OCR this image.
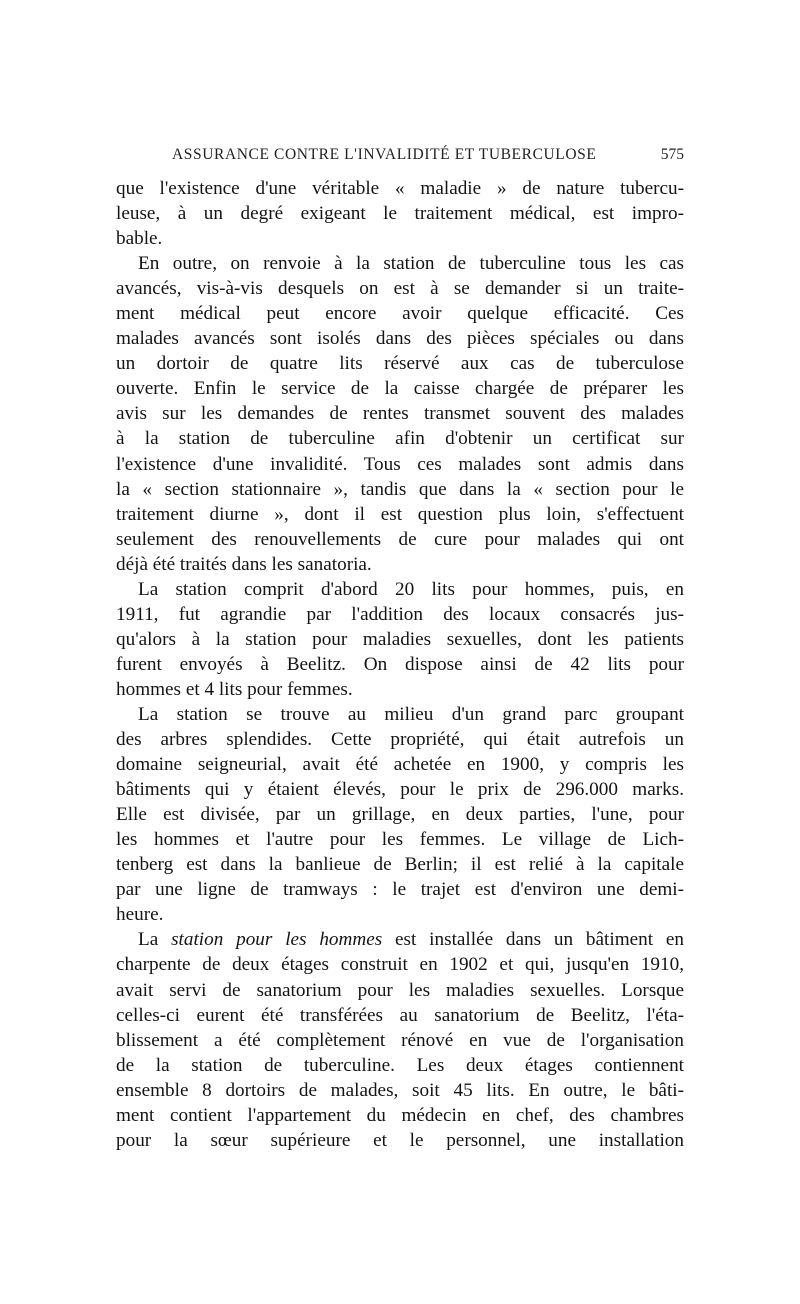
ASSURANCE CONTRE L'INVALIDITÉ ET TUBERCULOSE	575
que l'existence d'une véritable « maladie » de nature tubercu-
leuse, à un degré exigeant le traitement médical, est impro-
bable.
En outre, on renvoie à la station de tuberculine tous les cas
avancés, vis-à-vis desquels on est à se demander si un traite-
ment médical peut encore avoir quelque efficacité. Ces
malades avancés sont isolés dans des pièces spéciales ou dans
un dortoir de quatre lits réservé aux cas de tuberculose
ouverte. Enfin le service de la caisse chargée de préparer les
avis sur les demandes de rentes transmet souvent des malades
à la station de tuberculine afin d'obtenir un certificat sur
l'existence d'une invalidité. Tous ces malades sont admis dans
la « section stationnaire », tandis que dans la « section pour le
traitement diurne », dont il est question plus loin, s'effectuent
seulement des renouvellements de cure pour malades qui ont
déjà été traités dans les sanatoria.
La station comprit d'abord 20 lits pour hommes, puis, en
1911, fut agrandie par l'addition des locaux consacrés jus-
qu'alors à la station pour maladies sexuelles, dont les patients
furent envoyés à Beelitz. On dispose ainsi de 42 lits pour
hommes et 4 lits pour femmes.
La station se trouve au milieu d'un grand parc groupant
des arbres splendides. Cette propriété, qui était autrefois un
domaine seigneurial, avait été achetée en 1900, y compris les
bâtiments qui y étaient élevés, pour le prix de 296.000 marks.
Elle est divisée, par un grillage, en deux parties, l'une, pour
les hommes et l'autre pour les femmes. Le village de Lich-
tenberg est dans la banlieue de Berlin; il est relié à la capitale
par une ligne de tramways : le trajet est d'environ une demi-
heure.
La station pour les hommes est installée dans un bâtiment en
charpente de deux étages construit en 1902 et qui, jusqu'en 1910,
avait servi de sanatorium pour les maladies sexuelles. Lorsque
celles-ci eurent été transférées au sanatorium de Beelitz, l'éta-
blissement a été complètement rénové en vue de l'organisation
de la station de tuberculine. Les deux étages contiennent
ensemble 8 dortoirs de malades, soit 45 lits. En outre, le bâti-
ment contient l'appartement du médecin en chef, des chambres
pour la sœur supérieure et le personnel, une installation
